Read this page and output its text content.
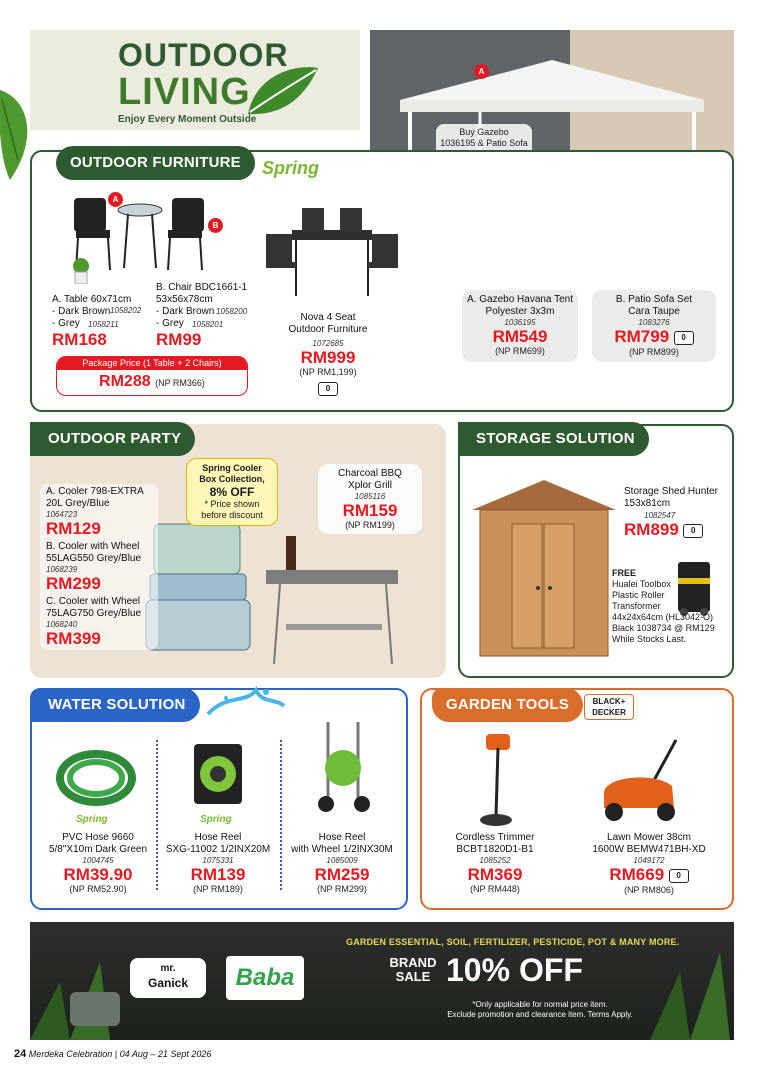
OUTDOOR
LIVING
Enjoy Every Moment Outside
A
Buy Gazebo
1036195 & Patio Sofa
OUTDOOR FURNITURE	Spring
A
B
A. Table 60x71cm
- Dark Brown 1058202
- Grey 1058211
RM168
B. Chair BDC1661-1
53x56x78cm
- Dark Brown 1058200
- Grey 1058201
RM99
Package Price (1 Table + 2 Chairs)
RM288 (NP RM366)
Nova 4 Seat
Outdoor Furniture
1072685
RM999
(NP RM1,199)
0
A. Gazebo Havana Tent
Polyester 3x3m
1036195
RM549
(NP RM699)
B. Patio Sofa Set
Cara Taupe
1083276
RM799 0
(NP RM899)
OUTDOOR PARTY
Spring Cooler
Box Collection,
8% OFF
* Price shown
before discount
A. Cooler 798-EXTRA
20L Grey/Blue
1064723
RM129
B. Cooler with Wheel
55LAG550 Grey/Blue
1068239
RM299
C. Cooler with Wheel
75LAG750 Grey/Blue
1068240
RM399
Charcoal BBQ
Xplor Grill
1085116
RM159
(NP RM199)
STORAGE SOLUTION
Storage Shed Hunter
153x81cm
1082547
RM899 0
FREE
Hualei Toolbox
Plastic Roller
Transformer
44x24x64cm (HL3042-O)
Black 1038734 @ RM129
While Stocks Last.
WATER SOLUTION
Spring	Spring
PVC Hose 9660
5/8"X10m Dark Green
1004745
RM39.90
(NP RM52.90)
Hose Reel
SXG-11002 1/2INX20M
1075331
RM139
(NP RM189)
Hose Reel
with Wheel 1/2INX30M
1085009
RM259
(NP RM299)
GARDEN TOOLS	BLACK+
DECKER
Cordless Trimmer
BCBT1820D1-B1
1085252
RM369
(NP RM448)
Lawn Mower 38cm
1600W BEMW471BH-XD
1049172
RM669 0
(NP RM806)
mr.
Ganick	Baba
GARDEN ESSENTIAL, SOIL, FERTILIZER, PESTICIDE, POT & MANY MORE.
BRAND
SALE 10% OFF
*Only applicable for normal price item.
Exclude promotion and clearance item. Terms Apply.
24 Merdeka Celebration | 04 Aug – 21 Sept 2026
